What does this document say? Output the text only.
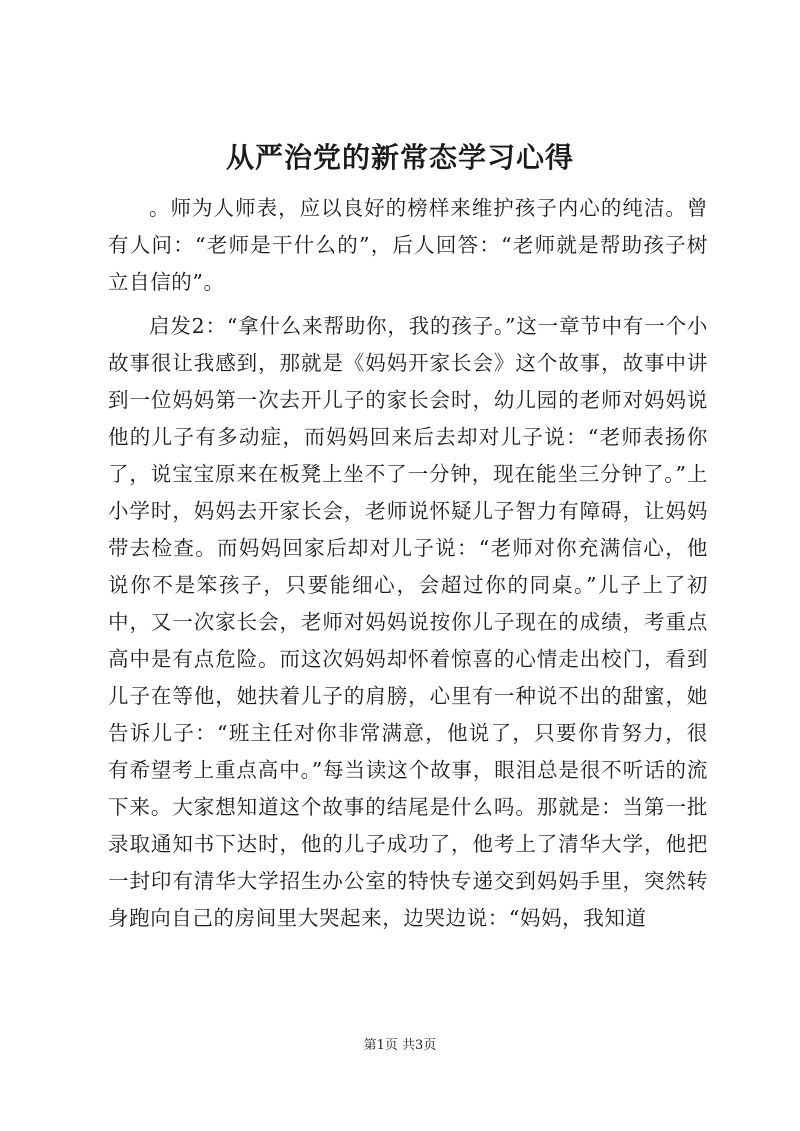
从严治党的新常态学习心得

。师为人师表，应以良好的榜样来维护孩子内心的纯洁。曾有人问：“老师是干什么的”，后人回答：“老师就是帮助孩子树立自信的”。

启发2：“拿什么来帮助你，我的孩子。”这一章节中有一个小故事很让我感到，那就是《妈妈开家长会》这个故事，故事中讲到一位妈妈第一次去开儿子的家长会时，幼儿园的老师对妈妈说他的儿子有多动症，而妈妈回来后去却对儿子说：“老师表扬你了，说宝宝原来在板凳上坐不了一分钟，现在能坐三分钟了。”上小学时，妈妈去开家长会，老师说怀疑儿子智力有障碍，让妈妈带去检查。而妈妈回家后却对儿子说：“老师对你充满信心，他说你不是笨孩子，只要能细心，会超过你的同桌。”儿子上了初中，又一次家长会，老师对妈妈说按你儿子现在的成绩，考重点高中是有点危险。而这次妈妈却怀着惊喜的心情走出校门，看到儿子在等他，她扶着儿子的肩膀，心里有一种说不出的甜蜜，她告诉儿子：“班主任对你非常满意，他说了，只要你肯努力，很有希望考上重点高中。”每当读这个故事，眼泪总是很不听话的流下来。大家想知道这个故事的结尾是什么吗。那就是：当第一批录取通知书下达时，他的儿子成功了，他考上了清华大学，他把一封印有清华大学招生办公室的特快专递交到妈妈手里，突然转身跑向自己的房间里大哭起来，边哭边说：“妈妈，我知道

第1页 共3页
